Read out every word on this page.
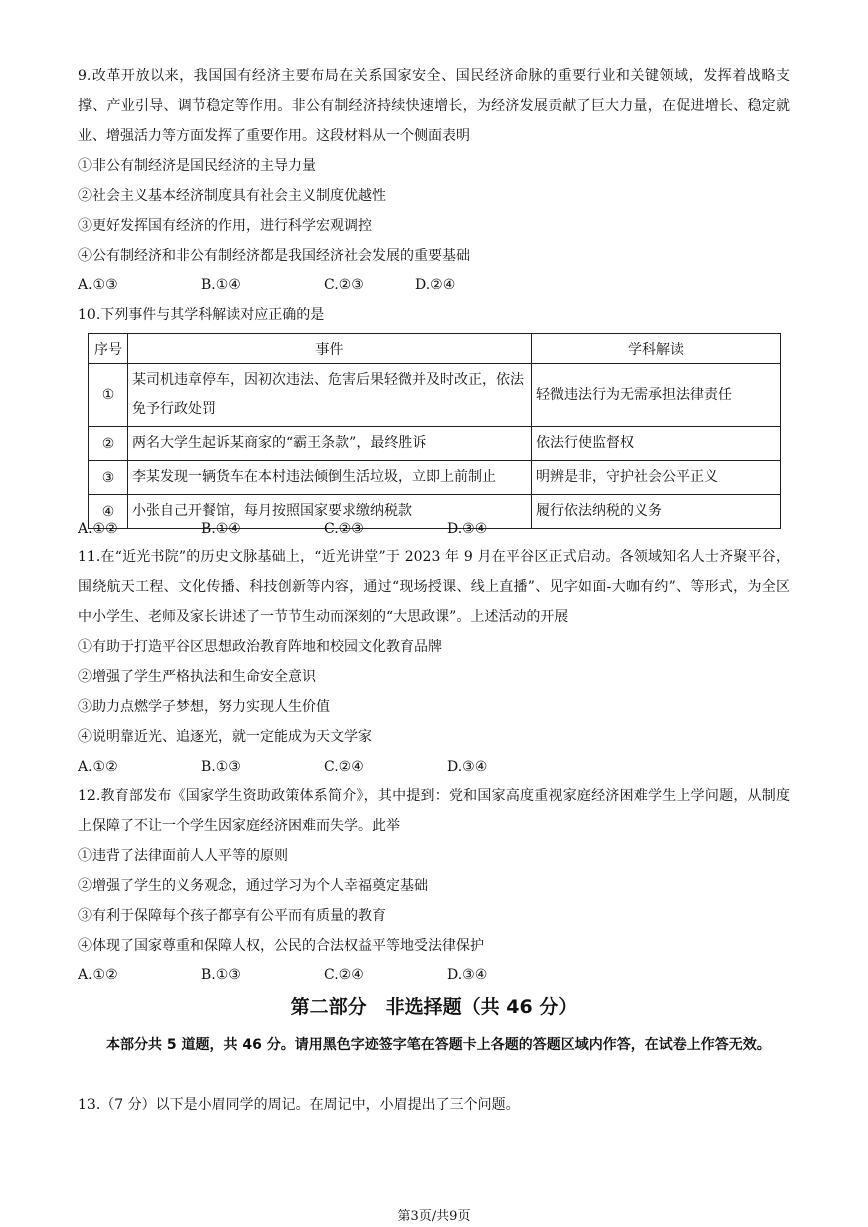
9.改革开放以来，我国国有经济主要布局在关系国家安全、国民经济命脉的重要行业和关键领域，发挥着战略支撑、产业引导、调节稳定等作用。非公有制经济持续快速增长，为经济发展贡献了巨大力量，在促进增长、稳定就业、增强活力等方面发挥了重要作用。这段材料从一个侧面表明
①非公有制经济是国民经济的主导力量
②社会主义基本经济制度具有社会主义制度优越性
③更好发挥国有经济的作用，进行科学宏观调控
④公有制经济和非公有制经济都是我国经济社会发展的重要基础
A.①③	B.①④	C.②③	D.②④
10.下列事件与其学科解读对应正确的是
序号	事件	学科解读
①	某司机违章停车，因初次违法、危害后果轻微并及时改正，依法免予行政处罚	轻微违法行为无需承担法律责任
②	两名大学生起诉某商家的“霸王条款”，最终胜诉	依法行使监督权
③	李某发现一辆货车在本村违法倾倒生活垃圾，立即上前制止	明辨是非，守护社会公平正义
④	小张自己开餐馆，每月按照国家要求缴纳税款	履行依法纳税的义务
A.①②	B.①④	C.②③	D.③④
11.在“近光书院”的历史文脉基础上，“近光讲堂”于 2023 年 9 月在平谷区正式启动。各领域知名人士齐聚平谷，围绕航天工程、文化传播、科技创新等内容，通过“现场授课、线上直播”、见字如面-大咖有约”、等形式，为全区中小学生、老师及家长讲述了一节节生动而深刻的“大思政课”。上述活动的开展
①有助于打造平谷区思想政治教育阵地和校园文化教育品牌
②增强了学生严格执法和生命安全意识
③助力点燃学子梦想，努力实现人生价值
④说明靠近光、追逐光，就一定能成为天文学家
A.①②	B.①③	C.②④	D.③④
12.教育部发布《国家学生资助政策体系简介》，其中提到：党和国家高度重视家庭经济困难学生上学问题，从制度上保障了不让一个学生因家庭经济困难而失学。此举
①违背了法律面前人人平等的原则
②增强了学生的义务观念，通过学习为个人幸福奠定基础
③有利于保障每个孩子都享有公平而有质量的教育
④体现了国家尊重和保障人权，公民的合法权益平等地受法律保护
A.①②	B.①③	C.②④	D.③④
第二部分　非选择题（共 46 分）
本部分共 5 道题，共 46 分。请用黑色字迹签字笔在答题卡上各题的答题区域内作答，在试卷上作答无效。
13.（7 分）以下是小眉同学的周记。在周记中，小眉提出了三个问题。
第3页/共9页
